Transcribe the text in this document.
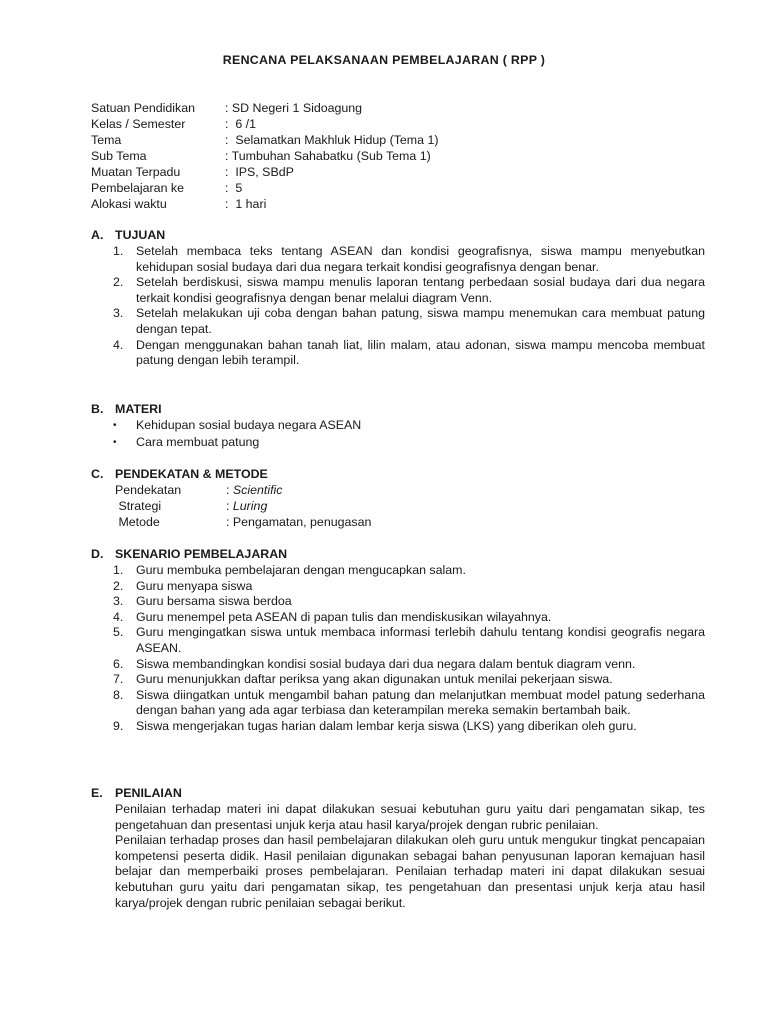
RENCANA PELAKSANAAN PEMBELAJARAN ( RPP )
Satuan Pendidikan	: SD Negeri 1 Sidoagung
Kelas / Semester	:  6 /1
Tema	:  Selamatkan Makhluk Hidup (Tema 1)
Sub Tema	: Tumbuhan Sahabatku (Sub Tema 1)
Muatan Terpadu	:  IPS, SBdP
Pembelajaran ke	:  5
Alokasi waktu	:  1 hari
A. TUJUAN
1.	Setelah membaca teks tentang ASEAN dan kondisi geografisnya, siswa mampu menyebutkan kehidupan sosial budaya dari dua negara terkait kondisi geografisnya dengan benar.
2.	Setelah berdiskusi, siswa mampu menulis laporan tentang perbedaan sosial budaya dari dua negara terkait kondisi geografisnya dengan benar melalui diagram Venn.
3.	Setelah melakukan uji coba dengan bahan patung, siswa mampu menemukan cara membuat patung dengan tepat.
4.	Dengan menggunakan bahan tanah liat, lilin malam, atau adonan, siswa mampu mencoba membuat patung dengan lebih terampil.
B. MATERI
•	Kehidupan sosial budaya negara ASEAN
•	Cara membuat patung
C. PENDEKATAN & METODE
Pendekatan	: Scientific
Strategi	: Luring
Metode	: Pengamatan, penugasan
D. SKENARIO PEMBELAJARAN
1.	Guru membuka pembelajaran dengan mengucapkan salam.
2.	Guru menyapa siswa
3.	Guru bersama siswa berdoa
4.	Guru menempel peta ASEAN di papan tulis dan mendiskusikan wilayahnya.
5.	Guru mengingatkan siswa untuk membaca informasi terlebih dahulu tentang kondisi geografis negara ASEAN.
6.	Siswa membandingkan kondisi sosial budaya dari dua negara dalam bentuk diagram venn.
7.	Guru menunjukkan daftar periksa yang akan digunakan untuk menilai pekerjaan siswa.
8.	Siswa diingatkan untuk mengambil bahan patung dan melanjutkan membuat model patung sederhana dengan bahan yang ada agar terbiasa dan keterampilan mereka semakin bertambah baik.
9.	Siswa mengerjakan tugas harian dalam lembar kerja siswa (LKS) yang diberikan oleh guru.
E. PENILAIAN
Penilaian terhadap materi ini dapat dilakukan sesuai kebutuhan guru yaitu dari pengamatan sikap, tes pengetahuan dan presentasi unjuk kerja atau hasil karya/projek dengan rubric penilaian.
Penilaian terhadap proses dan hasil pembelajaran dilakukan oleh guru untuk mengukur tingkat pencapaian kompetensi peserta didik. Hasil penilaian digunakan sebagai bahan penyusunan laporan kemajuan hasil belajar dan memperbaiki proses pembelajaran. Penilaian terhadap materi ini dapat dilakukan sesuai kebutuhan guru yaitu dari pengamatan sikap, tes pengetahuan dan presentasi unjuk kerja atau hasil karya/projek dengan rubric penilaian sebagai berikut.
